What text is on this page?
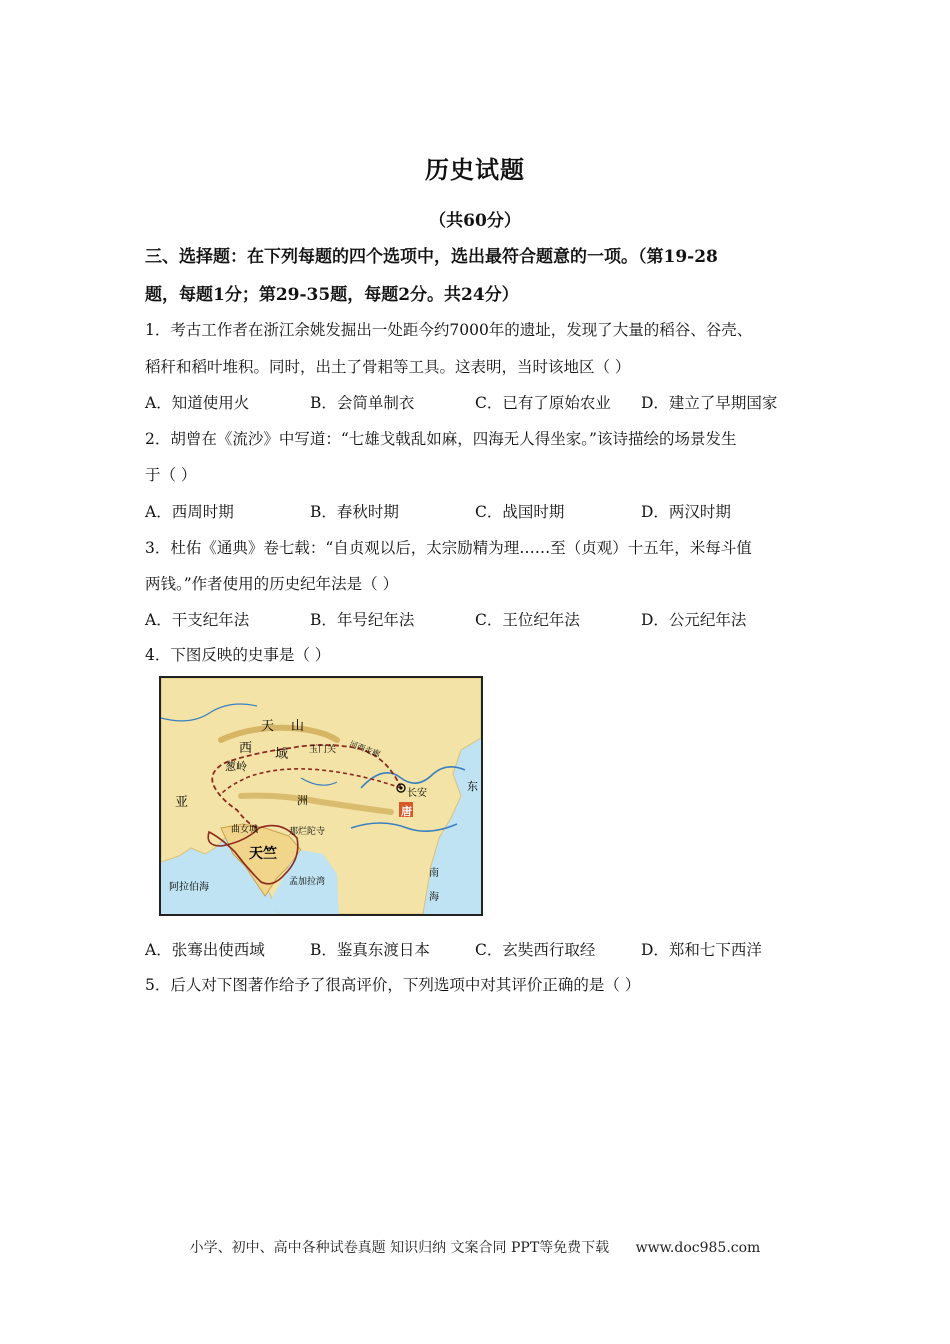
历史试题
（共60分）
三、选择题：在下列每题的四个选项中，选出最符合题意的一项。（第19-28
题，每题1分；第29-35题，每题2分。共24分）
1．考古工作者在浙江余姚发掘出一处距今约7000年的遗址，发现了大量的稻谷、谷壳、
稻秆和稻叶堆积。同时，出土了骨耜等工具。这表明，当时该地区（ ）
A．知道使用火	B．会简单制衣	C．已有了原始农业 D．建立了早期国家
2．胡曾在《流沙》中写道：“七雄戈戟乱如麻，四海无人得坐家。”该诗描绘的场景发生
于（ ）
A．西周时期	B．春秋时期	C．战国时期	D．两汉时期
3．杜佑《通典》卷七载：“自贞观以后，太宗励精为理……至（贞观）十五年，米每斗值
两钱。”作者使用的历史纪年法是（ ）
A．干支纪年法	B．年号纪年法	C．王位纪年法	D．公元纪年法
4．下图反映的史事是（ ）
天 山
西 域 玉门关 河西走廊
葱岭
长安
唐
亚	洲
曲女城	那烂陀寺
天竺
孟加拉湾
阿拉伯海
东
南
海
A．张骞出使西域	B．鉴真东渡日本	C．玄奘西行取经	D．郑和七下西洋
5．后人对下图著作给予了很高评价，下列选项中对其评价正确的是（ ）
小学、初中、高中各种试卷真题 知识归纳 文案合同 PPT等免费下载 www.doc985.com
